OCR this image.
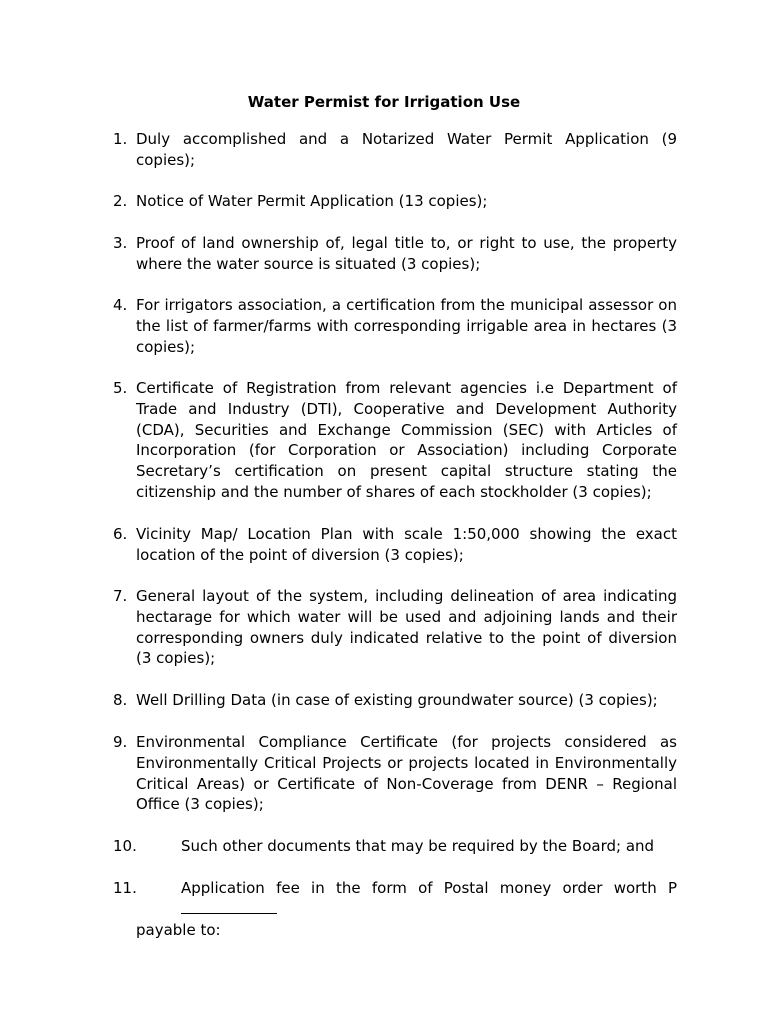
Water Permist for Irrigation Use
1. Duly accomplished and a Notarized Water Permit Application (9 copies);
2. Notice of Water Permit Application (13 copies);
3. Proof of land ownership of, legal title to, or right to use, the property where the water source is situated (3 copies);
4. For irrigators association, a certification from the municipal assessor on the list of farmer/farms with corresponding irrigable area in hectares (3 copies);
5. Certificate of Registration from relevant agencies i.e Department of Trade and Industry (DTI), Cooperative and Development Authority (CDA), Securities and Exchange Commission (SEC) with Articles of Incorporation (for Corporation or Association) including Corporate Secretary’s certification on present capital structure stating the citizenship and the number of shares of each stockholder (3 copies);
6. Vicinity Map/ Location Plan with scale 1:50,000 showing the exact location of the point of diversion (3 copies);
7. General layout of the system, including delineation of area indicating hectarage for which water will be used and adjoining lands and their corresponding owners duly indicated relative to the point of diversion (3 copies);
8. Well Drilling Data (in case of existing groundwater source) (3 copies);
9. Environmental Compliance Certificate (for projects considered as Environmentally Critical Projects or projects located in Environmentally Critical Areas) or Certificate of Non-Coverage from DENR – Regional Office (3 copies);
10.	Such other documents that may be required by the Board; and
11.	Application fee in the form of Postal money order worth P
payable to:
